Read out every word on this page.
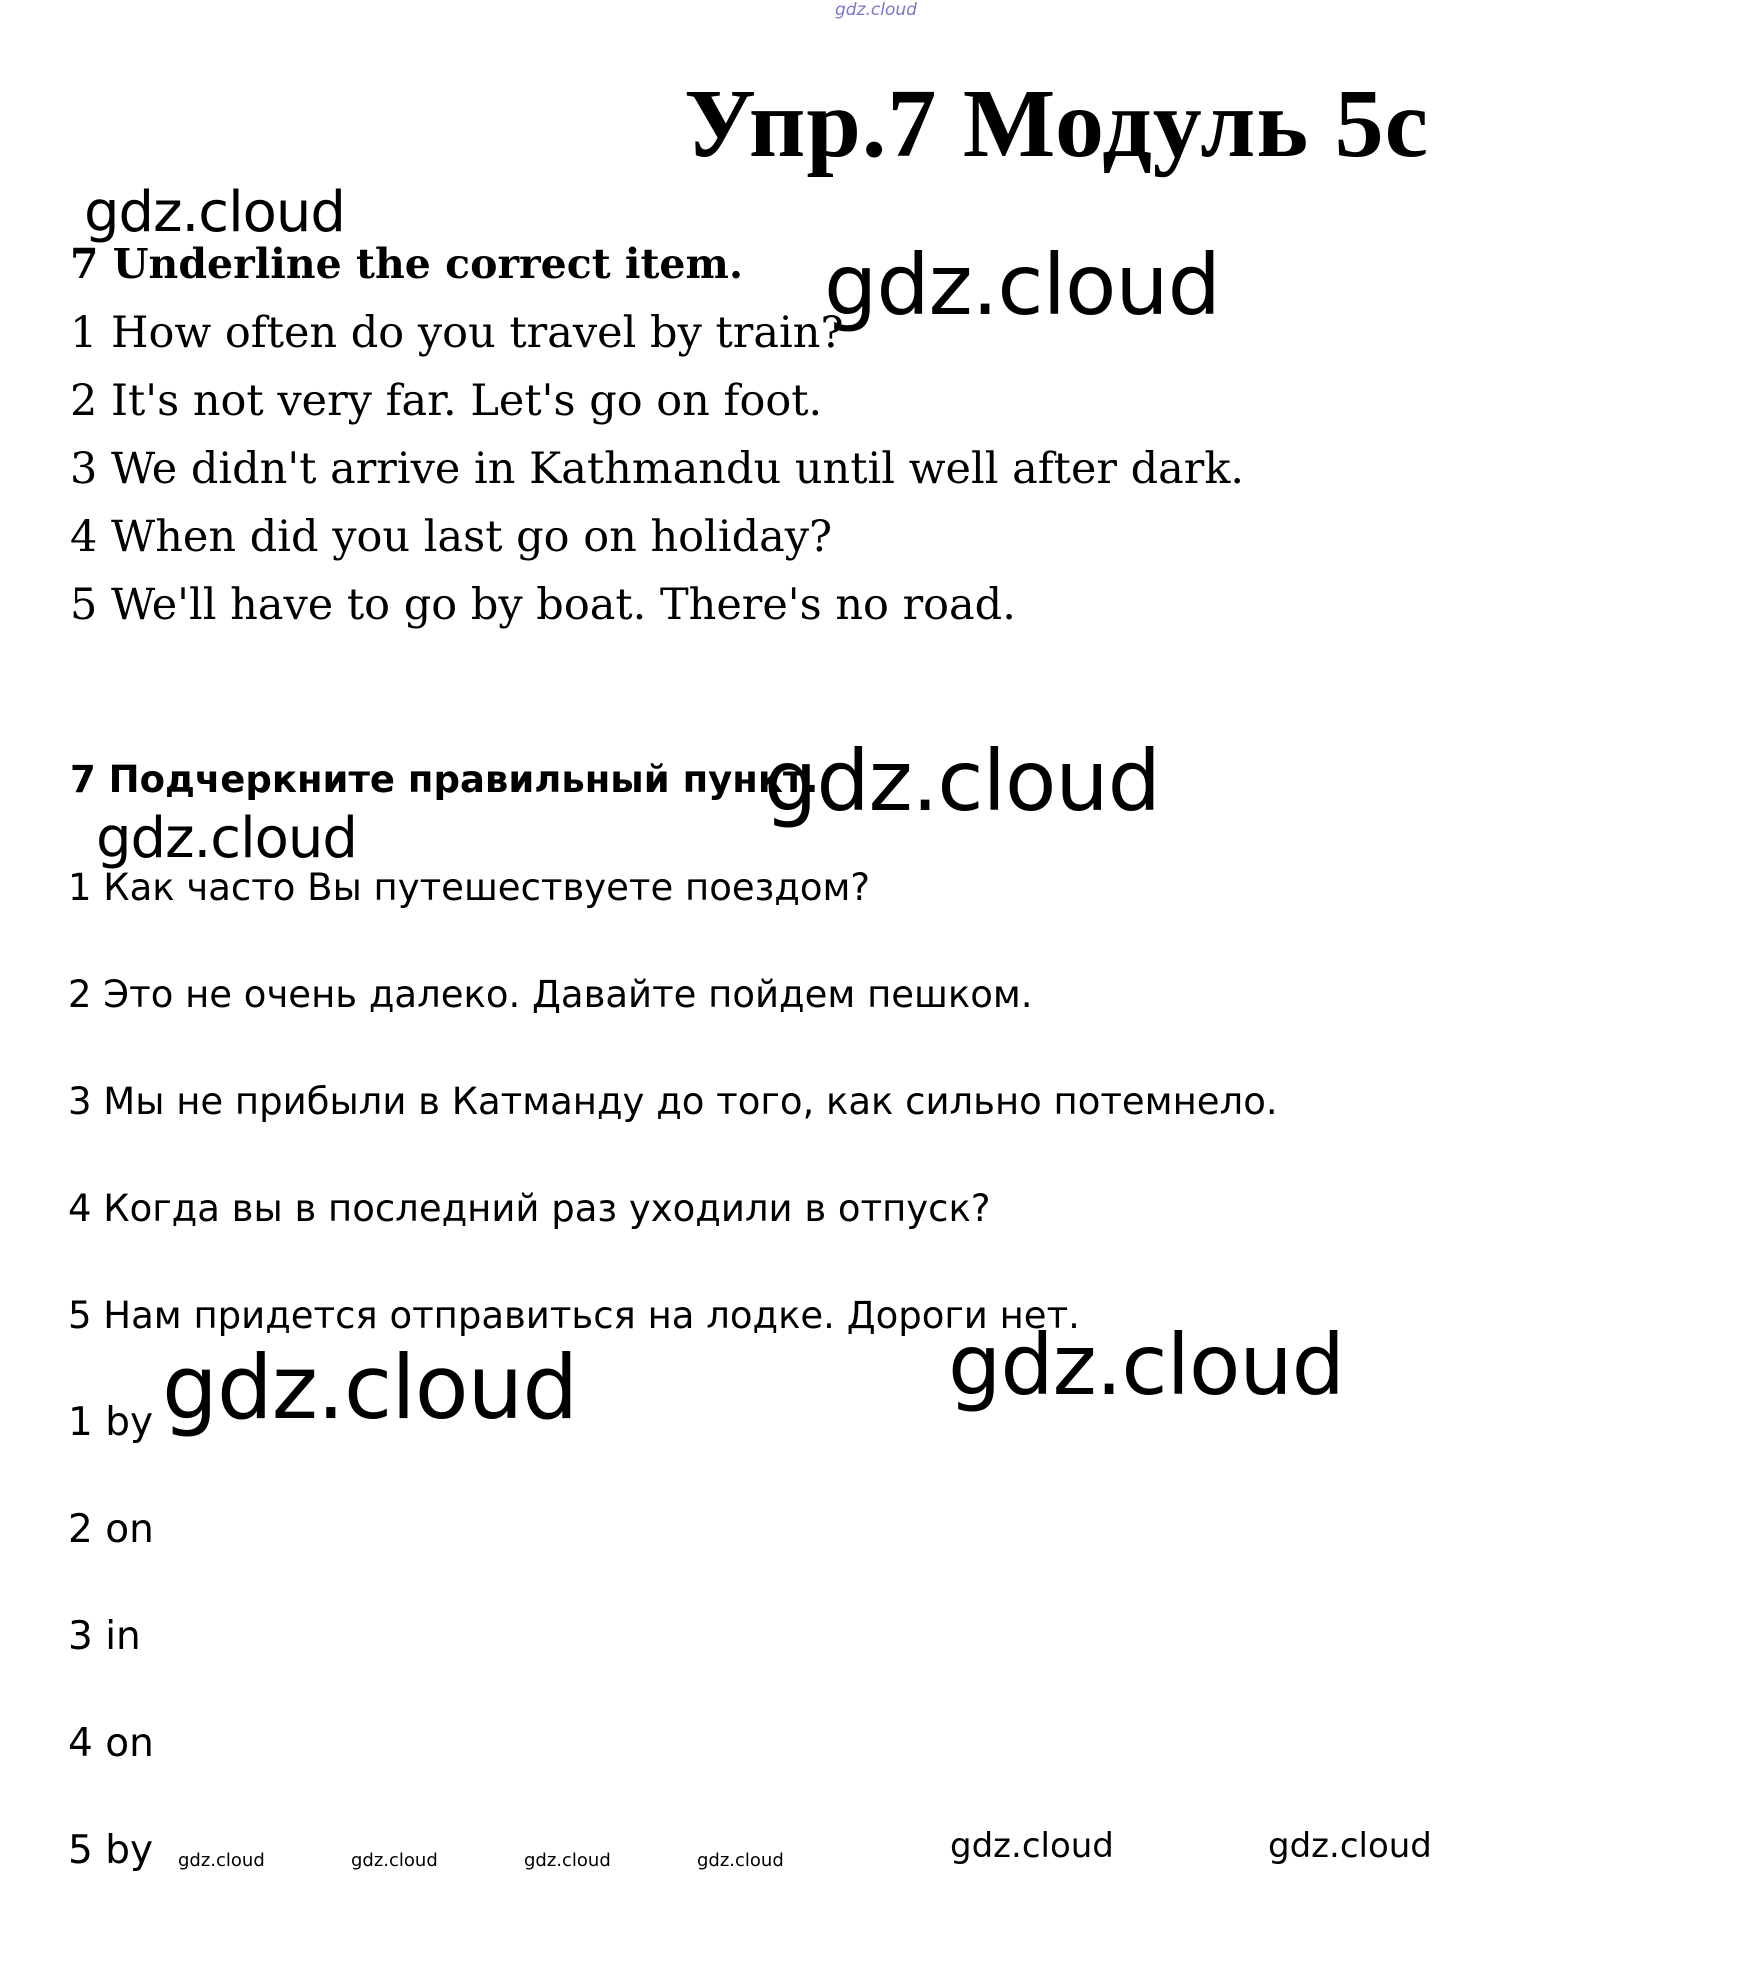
gdz.cloud
Упр.7 Модуль 5с
gdz.cloud
gdz.cloud
7 Underline the correct item.
1 How often do you travel by train?
2 It's not very far. Let's go on foot.
3 We didn't arrive in Kathmandu until well after dark.
4 When did you last go on holiday?
5 We'll have to go by boat. There's no road.
7 Подчеркните правильный пункт.
gdz.cloud
gdz.cloud
1 Как часто Вы путешествуете поездом?
2 Это не очень далеко. Давайте пойдем пешком.
3 Мы не прибыли в Катманду до того, как сильно потемнело.
4 Когда вы в последний раз уходили в отпуск?
5 Нам придется отправиться на лодке. Дороги нет.
gdz.cloud
gdz.cloud
1 by
2 on
3 in
4 on
5 by gdz.cloud	gdz.cloud	gdz.cloud	gdz.cloud	gdz.cloud	gdz.cloud
